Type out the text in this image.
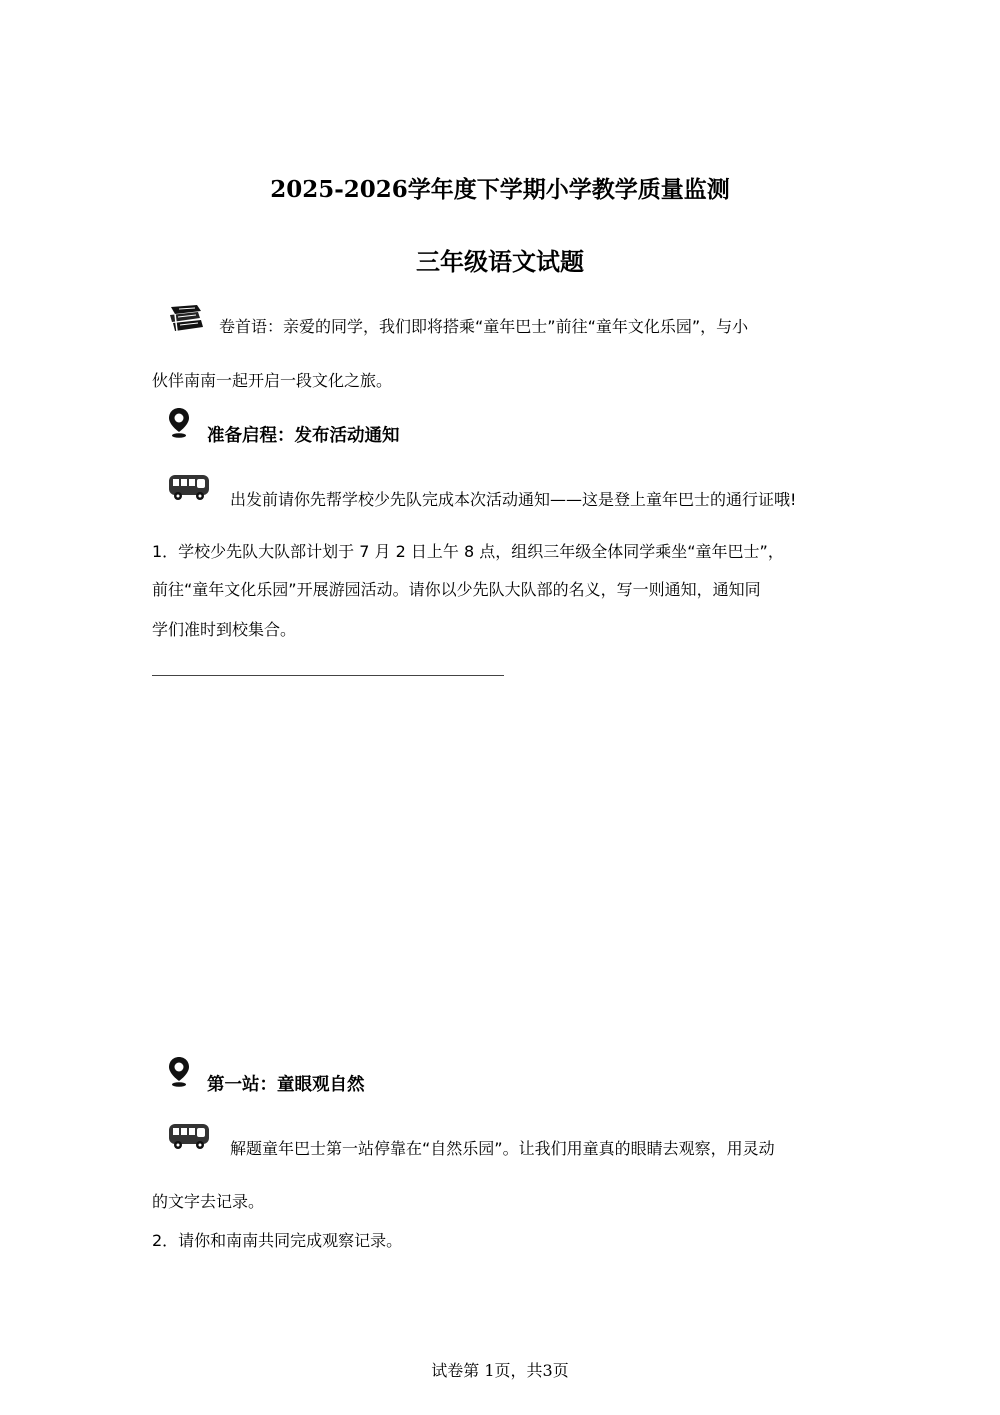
2025-2026学年度下学期小学教学质量监测
三年级语文试题
卷首语：亲爱的同学，我们即将搭乘“童年巴士”前往“童年文化乐园”，与小
伙伴南南一起开启一段文化之旅。
准备启程：发布活动通知
出发前请你先帮学校少先队完成本次活动通知——这是登上童年巴士的通行证哦!
1．学校少先队大队部计划于 7 月 2 日上午 8 点，组织三年级全体同学乘坐“童年巴士”，
前往“童年文化乐园”开展游园活动。请你以少先队大队部的名义，写一则通知，通知同
学们准时到校集合。
第一站：童眼观自然
解题童年巴士第一站停靠在“自然乐园”。让我们用童真的眼睛去观察，用灵动
的文字去记录。
2．请你和南南共同完成观察记录。
试卷第 1页，共3页
